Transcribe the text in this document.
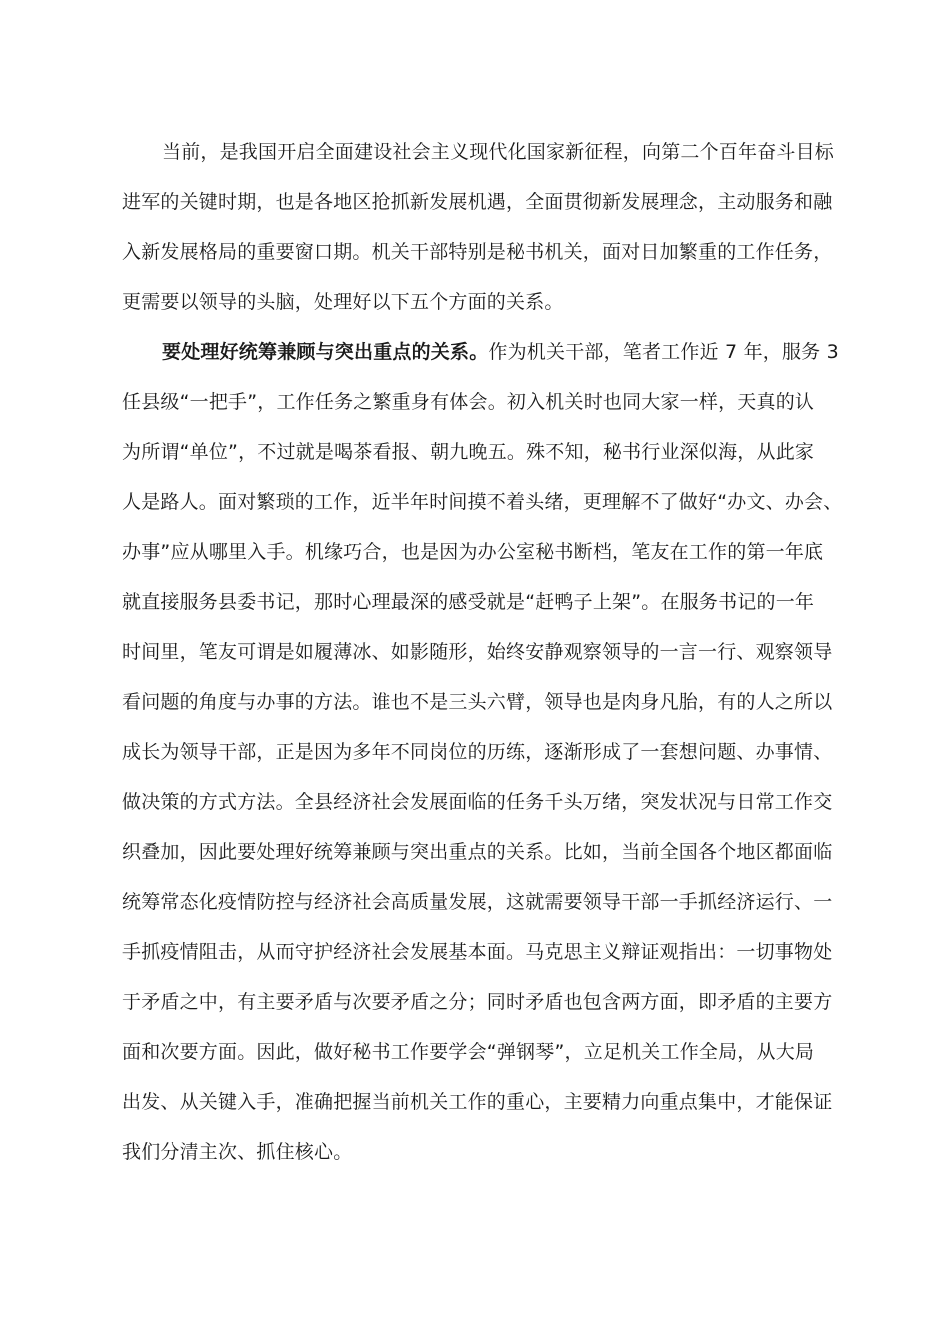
当前，是我国开启全面建设社会主义现代化国家新征程，向第二个百年奋斗目标
进军的关键时期，也是各地区抢抓新发展机遇，全面贯彻新发展理念，主动服务和融
入新发展格局的重要窗口期。机关干部特别是秘书机关，面对日加繁重的工作任务，
更需要以领导的头脑，处理好以下五个方面的关系。
要处理好统筹兼顾与突出重点的关系。作为机关干部，笔者工作近 7 年，服务 3
任县级“一把手”，工作任务之繁重身有体会。初入机关时也同大家一样，天真的认
为所谓“单位”，不过就是喝茶看报、朝九晚五。殊不知，秘书行业深似海，从此家
人是路人。面对繁琐的工作，近半年时间摸不着头绪，更理解不了做好“办文、办会、
办事”应从哪里入手。机缘巧合，也是因为办公室秘书断档，笔友在工作的第一年底
就直接服务县委书记，那时心理最深的感受就是“赶鸭子上架”。在服务书记的一年
时间里，笔友可谓是如履薄冰、如影随形，始终安静观察领导的一言一行、观察领导
看问题的角度与办事的方法。谁也不是三头六臂，领导也是肉身凡胎，有的人之所以
成长为领导干部，正是因为多年不同岗位的历练，逐渐形成了一套想问题、办事情、
做决策的方式方法。全县经济社会发展面临的任务千头万绪，突发状况与日常工作交
织叠加，因此要处理好统筹兼顾与突出重点的关系。比如，当前全国各个地区都面临
统筹常态化疫情防控与经济社会高质量发展，这就需要领导干部一手抓经济运行、一
手抓疫情阻击，从而守护经济社会发展基本面。马克思主义辩证观指出：一切事物处
于矛盾之中，有主要矛盾与次要矛盾之分；同时矛盾也包含两方面，即矛盾的主要方
面和次要方面。因此，做好秘书工作要学会“弹钢琴”，立足机关工作全局，从大局
出发、从关键入手，准确把握当前机关工作的重心，主要精力向重点集中，才能保证
我们分清主次、抓住核心。
